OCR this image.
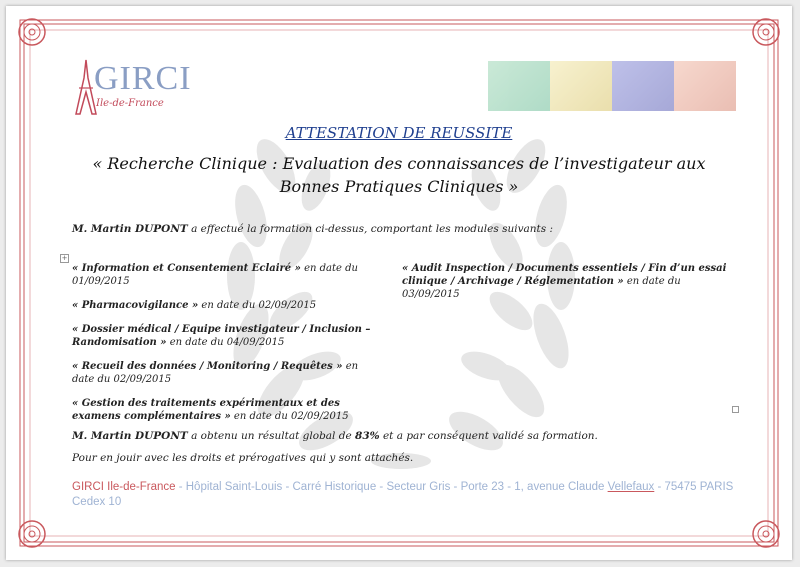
GIRCI
Ile-de-France
ATTESTATION DE REUSSITE
« Recherche Clinique : Evaluation des connaissances de l’investigateur aux Bonnes Pratiques Cliniques »
M. Martin DUPONT a effectué la formation ci-dessus, comportant les modules suivants :
+
« Information et Consentement Eclairé » en date du 01/09/2015
« Pharmacovigilance » en date du 02/09/2015
« Dossier médical / Equipe investigateur / Inclusion – Randomisation » en date du 04/09/2015
« Recueil des données / Monitoring / Requêtes » en date du 02/09/2015
« Gestion des traitements expérimentaux et des examens complémentaires » en date du 02/09/2015
« Audit Inspection / Documents essentiels / Fin d’un essai clinique / Archivage / Réglementation » en date du 03/09/2015
M. Martin DUPONT a obtenu un résultat global de 83% et a par conséquent validé sa formation.
Pour en jouir avec les droits et prérogatives qui y sont attachés.
GIRCI Ile-de-France - Hôpital Saint-Louis - Carré Historique - Secteur Gris - Porte 23 - 1, avenue Claude Vellefaux - 75475 PARIS Cedex 10
